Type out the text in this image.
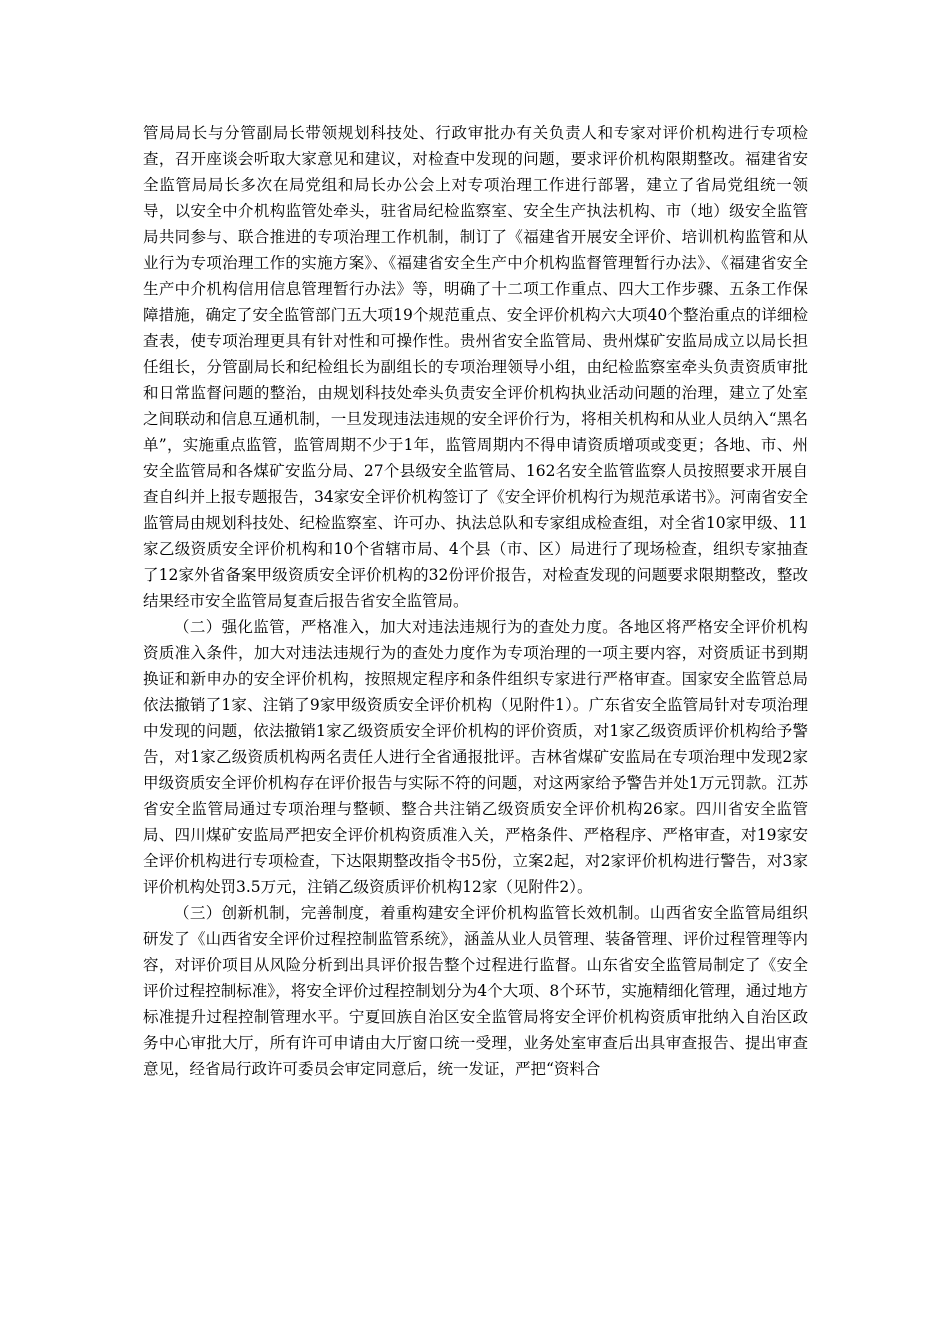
管局局长与分管副局长带领规划科技处、行政审批办有关负责人和专家对评价机构进行专项检查，召开座谈会听取大家意见和建议，对检查中发现的问题，要求评价机构限期整改。福建省安全监管局局长多次在局党组和局长办公会上对专项治理工作进行部署，建立了省局党组统一领导，以安全中介机构监管处牵头，驻省局纪检监察室、安全生产执法机构、市（地）级安全监管局共同参与、联合推进的专项治理工作机制，制订了《福建省开展安全评价、培训机构监管和从业行为专项治理工作的实施方案》、《福建省安全生产中介机构监督管理暂行办法》、《福建省安全生产中介机构信用信息管理暂行办法》等，明确了十二项工作重点、四大工作步骤、五条工作保障措施，确定了安全监管部门五大项19个规范重点、安全评价机构六大项40个整治重点的详细检查表，使专项治理更具有针对性和可操作性。贵州省安全监管局、贵州煤矿安监局成立以局长担任组长，分管副局长和纪检组长为副组长的专项治理领导小组，由纪检监察室牵头负责资质审批和日常监督问题的整治，由规划科技处牵头负责安全评价机构执业活动问题的治理，建立了处室之间联动和信息互通机制，一旦发现违法违规的安全评价行为，将相关机构和从业人员纳入“黑名单”，实施重点监管，监管周期不少于1年，监管周期内不得申请资质增项或变更；各地、市、州安全监管局和各煤矿安监分局、27个县级安全监管局、162名安全监管监察人员按照要求开展自查自纠并上报专题报告，34家安全评价机构签订了《安全评价机构行为规范承诺书》。河南省安全监管局由规划科技处、纪检监察室、许可办、执法总队和专家组成检查组，对全省10家甲级、11家乙级资质安全评价机构和10个省辖市局、4个县（市、区）局进行了现场检查，组织专家抽查了12家外省备案甲级资质安全评价机构的32份评价报告，对检查发现的问题要求限期整改，整改结果经市安全监管局复查后报告省安全监管局。

（二）强化监管，严格准入，加大对违法违规行为的查处力度。各地区将严格安全评价机构资质准入条件，加大对违法违规行为的查处力度作为专项治理的一项主要内容，对资质证书到期换证和新申办的安全评价机构，按照规定程序和条件组织专家进行严格审查。国家安全监管总局依法撤销了1家、注销了9家甲级资质安全评价机构（见附件1）。广东省安全监管局针对专项治理中发现的问题，依法撤销1家乙级资质安全评价机构的评价资质，对1家乙级资质评价机构给予警告，对1家乙级资质机构两名责任人进行全省通报批评。吉林省煤矿安监局在专项治理中发现2家甲级资质安全评价机构存在评价报告与实际不符的问题，对这两家给予警告并处1万元罚款。江苏省安全监管局通过专项治理与整顿、整合共注销乙级资质安全评价机构26家。四川省安全监管局、四川煤矿安监局严把安全评价机构资质准入关，严格条件、严格程序、严格审查，对19家安全评价机构进行专项检查，下达限期整改指令书5份，立案2起，对2家评价机构进行警告，对3家评价机构处罚3.5万元，注销乙级资质评价机构12家（见附件2）。

（三）创新机制，完善制度，着重构建安全评价机构监管长效机制。山西省安全监管局组织研发了《山西省安全评价过程控制监管系统》，涵盖从业人员管理、装备管理、评价过程管理等内容，对评价项目从风险分析到出具评价报告整个过程进行监督。山东省安全监管局制定了《安全评价过程控制标准》，将安全评价过程控制划分为4个大项、8个环节，实施精细化管理，通过地方标准提升过程控制管理水平。宁夏回族自治区安全监管局将安全评价机构资质审批纳入自治区政务中心审批大厅，所有许可申请由大厅窗口统一受理，业务处室审查后出具审查报告、提出审查意见，经省局行政许可委员会审定同意后，统一发证，严把“资料合
